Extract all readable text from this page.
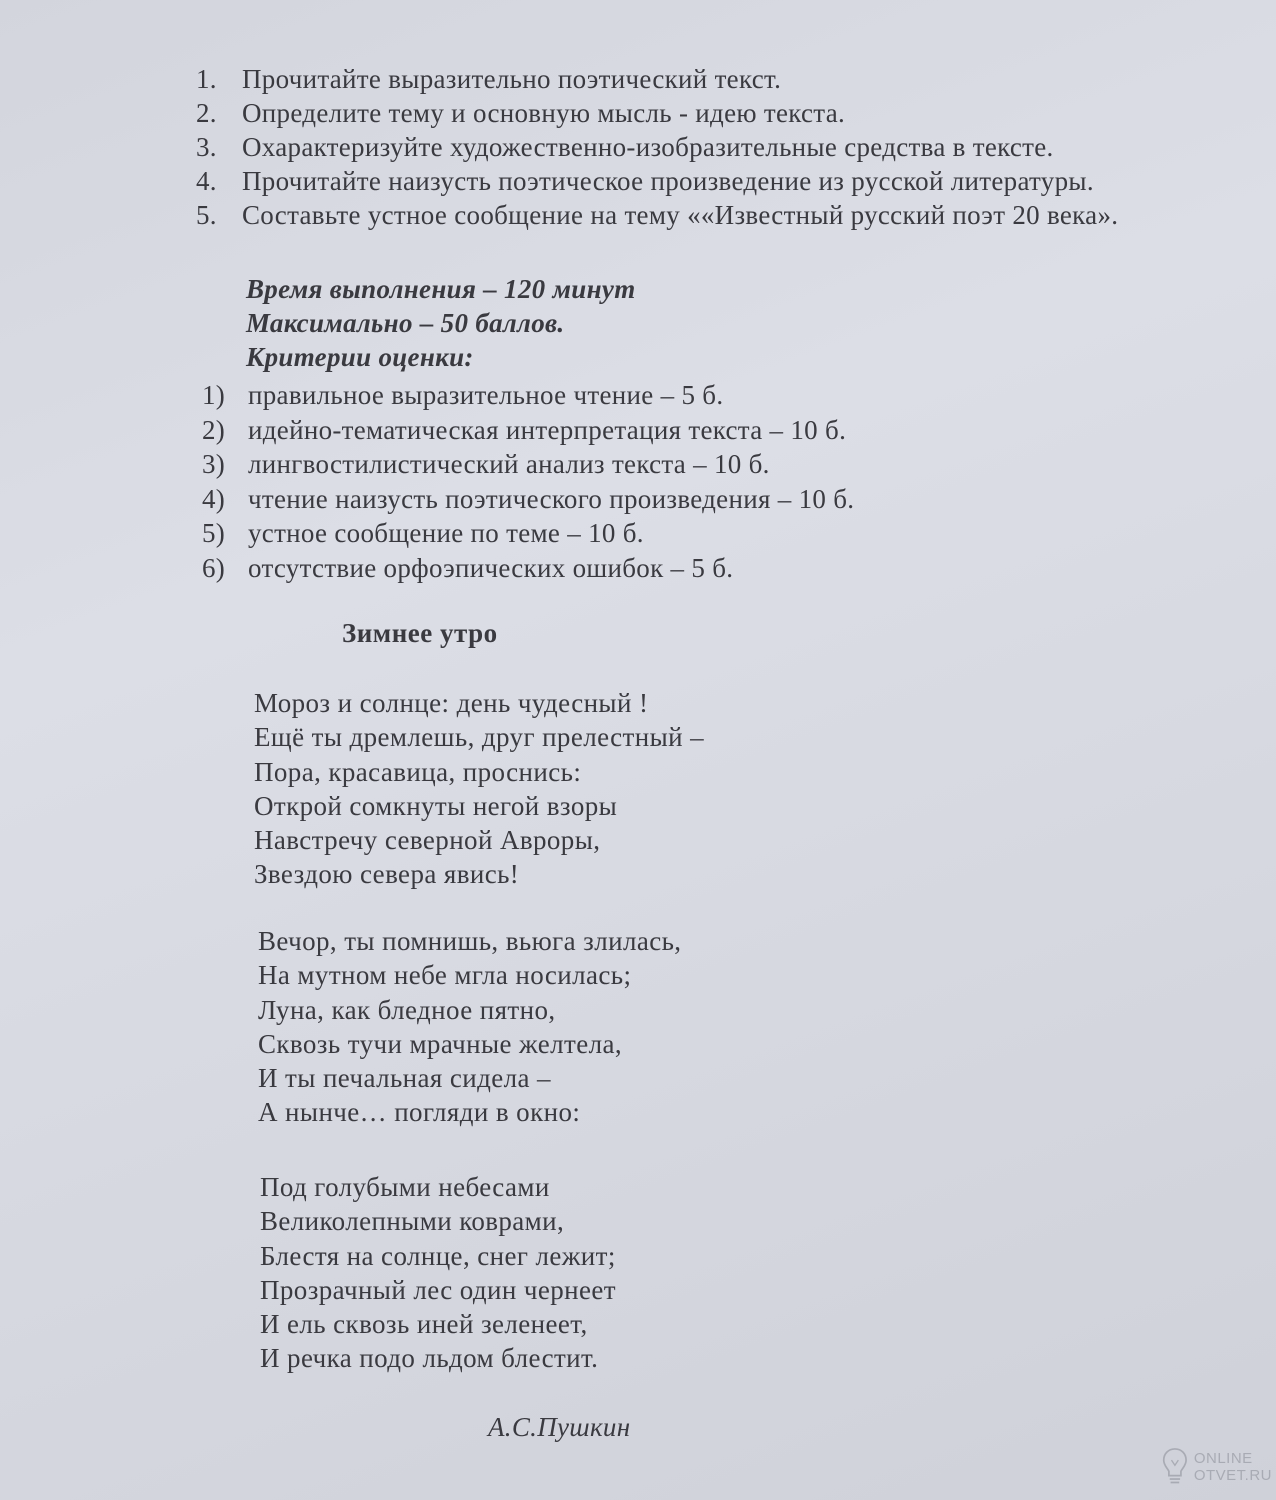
1. Прочитайте выразительно поэтический текст.
2. Определите тему и основную мысль - идею текста.
3. Охарактеризуйте художественно-изобразительные средства в тексте.
4. Прочитайте наизусть поэтическое произведение из русской литературы.
5. Составьте устное сообщение на тему ««Известный русский поэт 20 века».
Время выполнения – 120 минут
Максимально – 50 баллов.
Критерии оценки:
1) правильное выразительное чтение – 5 б.
2) идейно-тематическая интерпретация текста – 10 б.
3) лингвостилистический анализ текста – 10 б.
4) чтение наизусть поэтического произведения – 10 б.
5) устное сообщение по теме – 10 б.
6) отсутствие орфоэпических ошибок – 5 б.
Зимнее утро
Мороз и солнце: день чудесный !
Ещё ты дремлешь, друг прелестный –
Пора, красавица, проснись:
Открой сомкнуты негой взоры
Навстречу северной Авроры,
Звездою севера явись!
Вечор, ты помнишь, вьюга злилась,
На мутном небе мгла носилась;
Луна, как бледное пятно,
Сквозь тучи мрачные желтела,
И ты печальная сидела –
А нынче… погляди в окно:
Под голубыми небесами
Великолепными коврами,
Блестя на солнце, снег лежит;
Прозрачный лес один чернеет
И ель сквозь иней зеленеет,
И речка подо льдом блестит.
А.С.Пушкин
ONLINE
OTVET.RU
